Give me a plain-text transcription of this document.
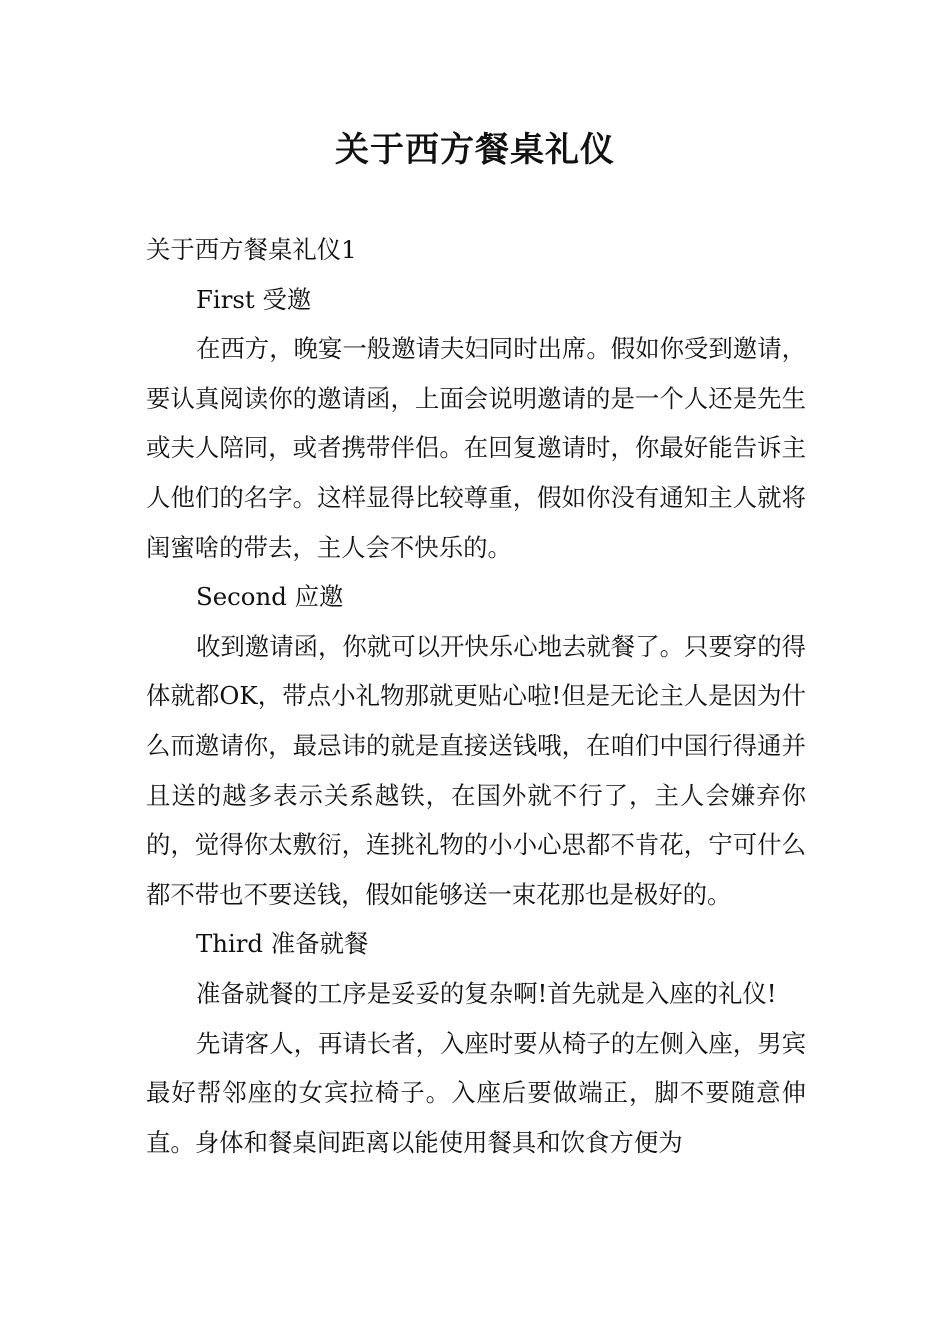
关于西方餐桌礼仪

关于西方餐桌礼仪1

First 受邀

在西方，晚宴一般邀请夫妇同时出席。假如你受到邀请，要认真阅读你的邀请函，上面会说明邀请的是一个人还是先生或夫人陪同，或者携带伴侣。在回复邀请时，你最好能告诉主人他们的名字。这样显得比较尊重，假如你没有通知主人就将闺蜜啥的带去，主人会不快乐的。

Second 应邀

收到邀请函，你就可以开快乐心地去就餐了。只要穿的得体就都OK，带点小礼物那就更贴心啦!但是无论主人是因为什么而邀请你，最忌讳的就是直接送钱哦，在咱们中国行得通并且送的越多表示关系越铁，在国外就不行了，主人会嫌弃你的，觉得你太敷衍，连挑礼物的小小心思都不肯花，宁可什么都不带也不要送钱，假如能够送一束花那也是极好的。

Third 准备就餐

准备就餐的工序是妥妥的复杂啊!首先就是入座的礼仪!

先请客人，再请长者，入座时要从椅子的左侧入座，男宾最好帮邻座的女宾拉椅子。入座后要做端正，脚不要随意伸直。身体和餐桌间距离以能使用餐具和饮食方便为
